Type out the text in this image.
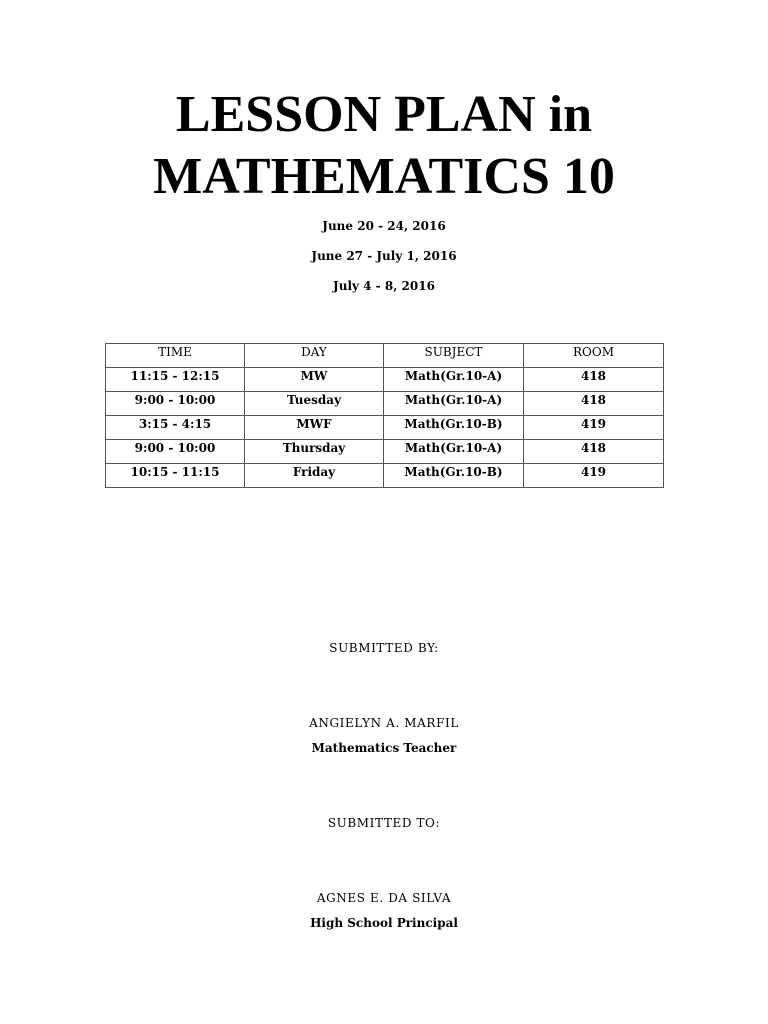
LESSON PLAN in
MATHEMATICS 10
June 20 - 24, 2016
June 27 - July 1, 2016
July 4 - 8, 2016
TIME	DAY	SUBJECT	ROOM
11:15 - 12:15	MW	Math(Gr.10-A)	418
9:00 - 10:00	Tuesday	Math(Gr.10-A)	418
3:15 - 4:15	MWF	Math(Gr.10-B)	419
9:00 - 10:00	Thursday	Math(Gr.10-A)	418
10:15 - 11:15	Friday	Math(Gr.10-B)	419
SUBMITTED BY:
ANGIELYN A. MARFIL
Mathematics Teacher
SUBMITTED TO:
AGNES E. DA SILVA
High School Principal
